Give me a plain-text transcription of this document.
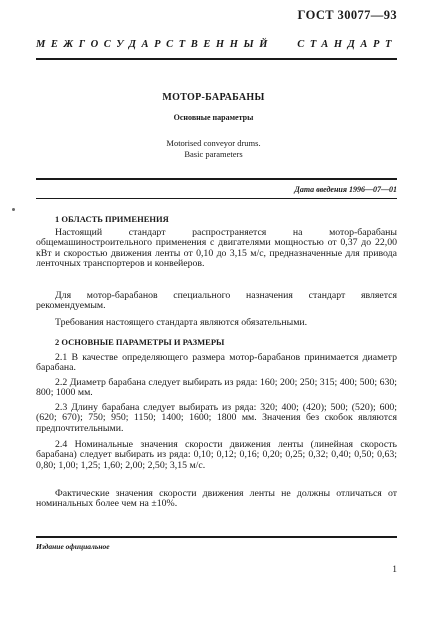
ГОСТ 30077—93
МЕЖГОСУДАРСТВЕННЫЙ СТАНДАРТ
МОТОР-БАРАБАНЫ
Основные параметры
Motorised conveyor drums.
Basic parameters
Дата введения 1996—07—01
1 ОБЛАСТЬ ПРИМЕНЕНИЯ
Настоящий стандарт распространяется на мотор-барабаны общемашиностроительного применения с двигателями мощностью от 0,37 до 22,00 кВт и скоростью движения ленты от 0,10 до 3,15 м/с, предназначенные для привода ленточных транспортеров и конвейеров.
Для мотор-барабанов специального назначения стандарт является рекомендуемым.
Требования настоящего стандарта являются обязательными.
2 ОСНОВНЫЕ ПАРАМЕТРЫ И РАЗМЕРЫ
2.1 В качестве определяющего размера мотор-барабанов принимается диаметр барабана.
2.2 Диаметр барабана следует выбирать из ряда: 160; 200; 250; 315; 400; 500; 630; 800; 1000 мм.
2.3 Длину барабана следует выбирать из ряда: 320; 400; (420); 500; (520); 600; (620; 670); 750; 950; 1150; 1400; 1600; 1800 мм. Значения без скобок являются предпочтительными.
2.4 Номинальные значения скорости движения ленты (линейная скорость барабана) следует выбирать из ряда: 0,10; 0,12; 0,16; 0,20; 0,25; 0,32; 0,40; 0,50; 0,63; 0,80; 1,00; 1,25; 1,60; 2,00; 2,50; 3,15 м/с.
Фактические значения скорости движения ленты не должны отличаться от номинальных более чем на ±10%.
Издание официальное
1
